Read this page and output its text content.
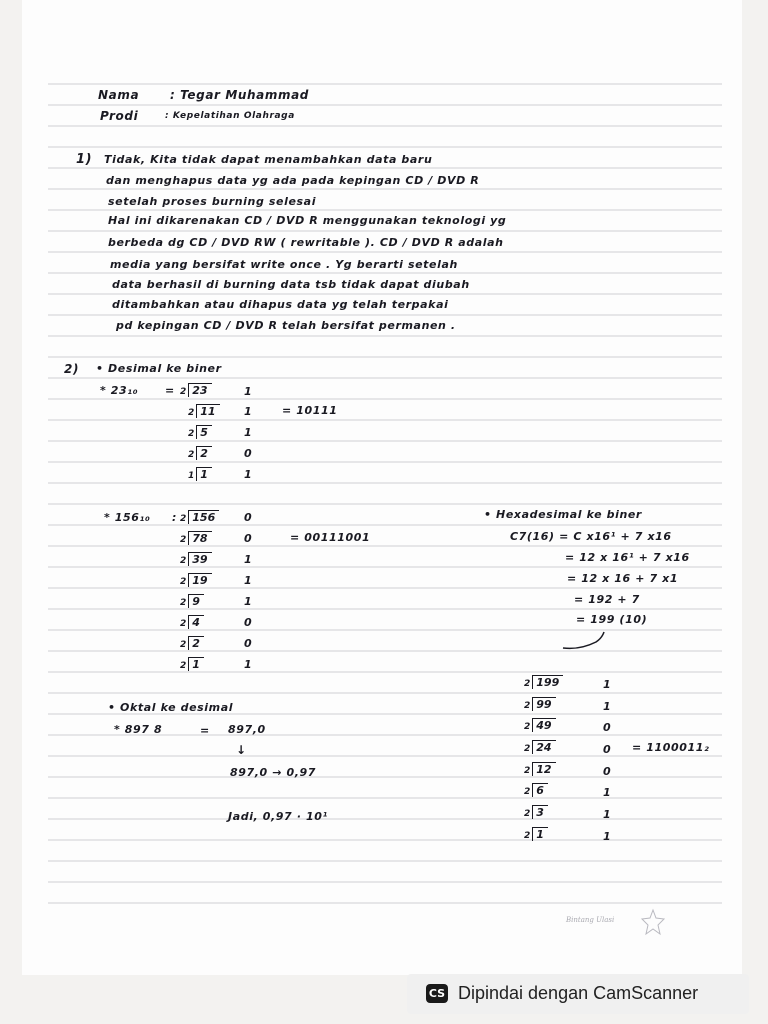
Nama	: Tegar Muhammad
Prodi	: Kepelatihan Olahraga
1) Tidak, Kita tidak dapat menambahkan data baru
dan menghapus data yg ada pada kepingan CD / DVD R
setelah proses burning selesai
Hal ini dikarenakan CD / DVD R menggunakan teknologi yg
berbeda dg CD / DVD RW ( rewritable ). CD / DVD R adalah
media yang bersifat write once . Yg berarti setelah
data berhasil di burning data tsb tidak dapat diubah
ditambahkan atau dihapus data yg telah terpakai
pd kepingan CD / DVD R telah bersifat permanen .
2) • Desimal ke biner
* 23₁₀ = 2 23	1
2 11	1
2 5	1
2 2	0
1 1	1
= 10111
* 156₁₀ : 2 156	0
2 78	0
2 39	1
2 19	1
2 9	1
2 4	0
2 2	0
2 1	1
= 00111001
• Hexadesimal ke biner
C7(16) = C x16¹ + 7 x16
= 12 x 16¹ + 7 x16
= 12 x 16 + 7 x1
= 192 + 7
= 199 (10)
2 199	1
2 99	1
2 49	0
2 24	0
2 12	0
2 6	1
2 3	1
2 1	1
= 1100011₂
• Oktal ke desimal
* 897 8	= 897,0
↓
897,0 → 0,97
Jadi, 0,97 · 10¹
Bintang Ulasi
CS Dipindai dengan CamScanner
